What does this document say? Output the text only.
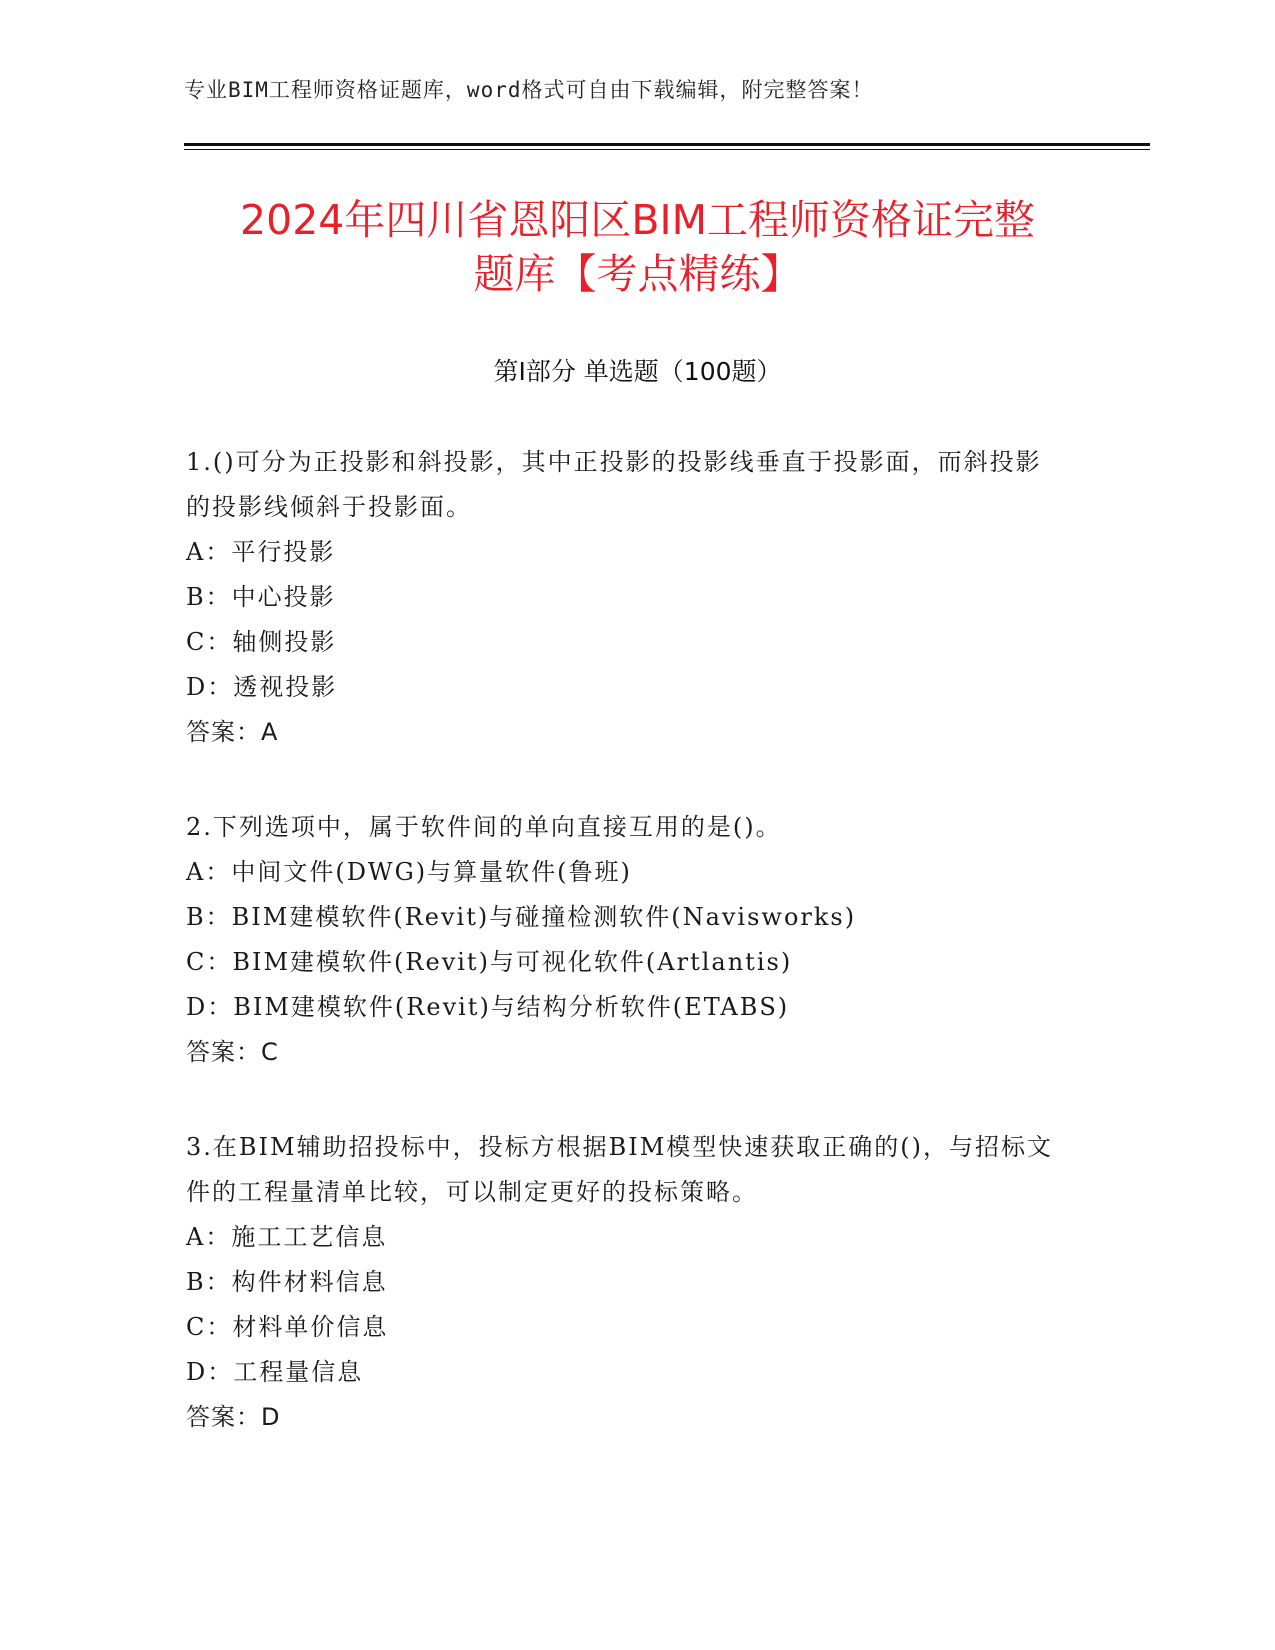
专业BIM工程师资格证题库，word格式可自由下载编辑，附完整答案！
2024年四川省恩阳区BIM工程师资格证完整
题库【考点精练】
第Ⅰ部分 单选题（100题）

1.()可分为正投影和斜投影，其中正投影的投影线垂直于投影面，而斜投影的投影线倾斜于投影面。

A：平行投影

B：中心投影

C：轴侧投影

D：透视投影

答案：A

2.下列选项中，属于软件间的单向直接互用的是()。

A：中间文件(DWG)与算量软件(鲁班)

B：BIM建模软件(Revit)与碰撞检测软件(Navisworks)

C：BIM建模软件(Revit)与可视化软件(Artlantis)

D：BIM建模软件(Revit)与结构分析软件(ETABS)

答案：C

3.在BIM辅助招投标中，投标方根据BIM模型快速获取正确的()，与招标文件的工程量清单比较，可以制定更好的投标策略。

A：施工工艺信息

B：构件材料信息

C：材料单价信息

D：工程量信息

答案：D
